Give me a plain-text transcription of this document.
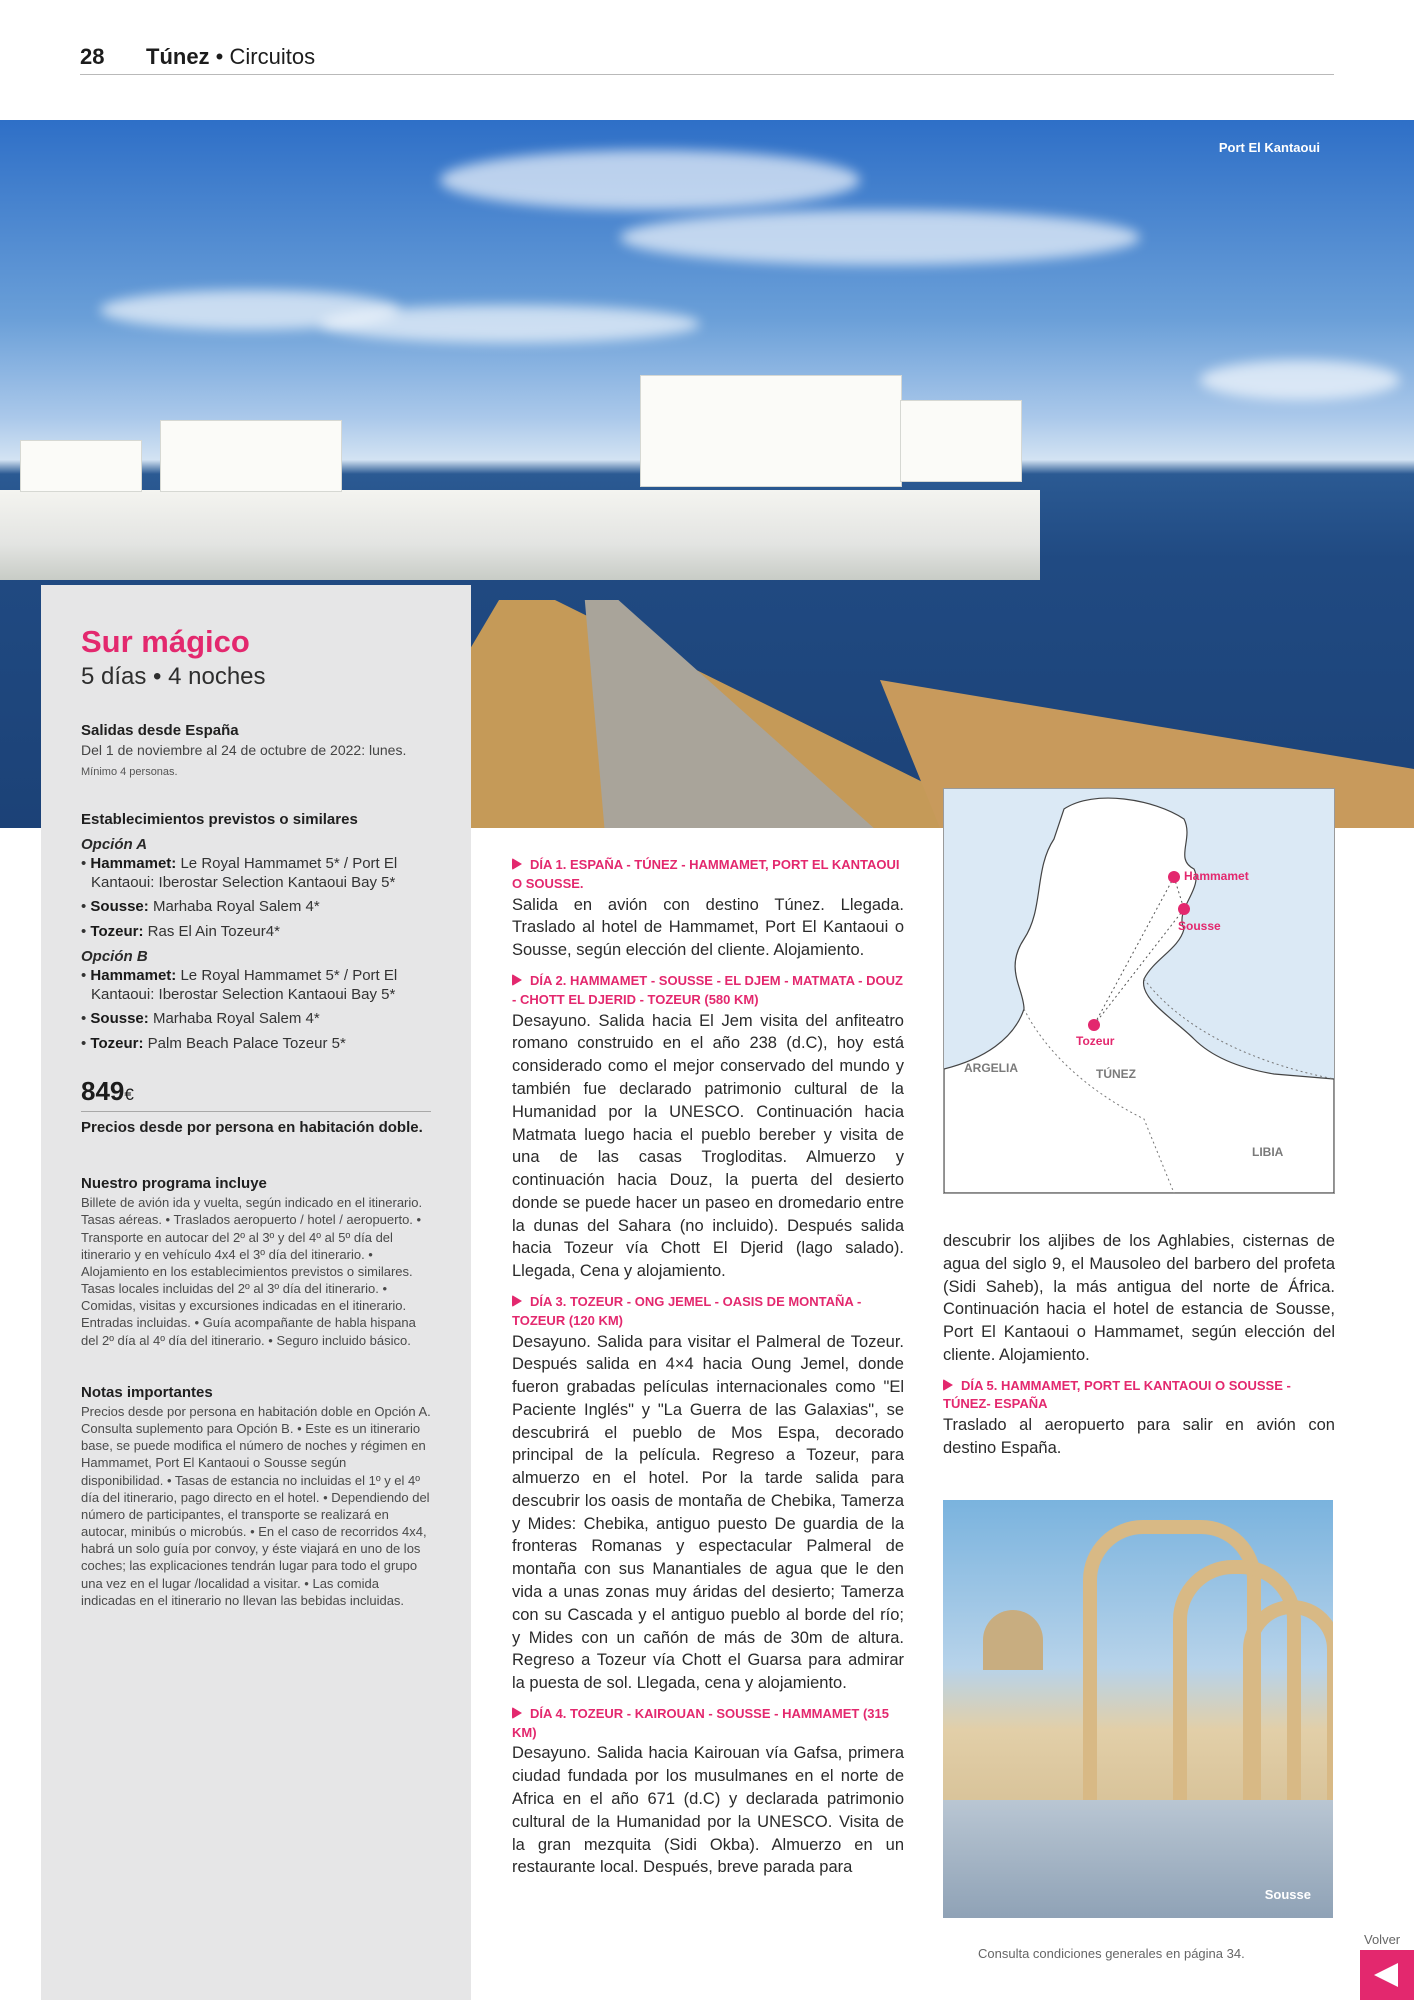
28 Túnez • Circuitos
Port El Kantaoui
Sur mágico
5 días • 4 noches
Salidas desde España
Del 1 de noviembre al 24 de octubre de 2022: lunes.
Mínimo 4 personas.
Establecimientos previstos o similares
Opción A
• Hammamet: Le Royal Hammamet 5* / Port El Kantaoui: Iberostar Selection Kantaoui Bay 5*
• Sousse: Marhaba Royal Salem 4*
• Tozeur: Ras El Ain Tozeur4*
Opción B
• Hammamet: Le Royal Hammamet 5* / Port El Kantaoui: Iberostar Selection Kantaoui Bay 5*
• Sousse: Marhaba Royal Salem 4*
• Tozeur: Palm Beach Palace Tozeur 5*
849€
Precios desde por persona en habitación doble.
Nuestro programa incluye
Billete de avión ida y vuelta, según indicado en el itinerario. Tasas aéreas. • Traslados aeropuerto / hotel / aeropuerto. • Transporte en autocar del 2º al 3º y del 4º al 5º día del itinerario y en vehículo 4x4 el 3º día del itinerario. • Alojamiento en los establecimientos previstos o similares. Tasas locales incluidas del 2º al 3º día del itinerario. • Comidas, visitas y excursiones indicadas en el itinerario. Entradas incluidas. • Guía acompañante de habla hispana del 2º día al 4º día del itinerario. • Seguro incluido básico.
Notas importantes
Precios desde por persona en habitación doble en Opción A. Consulta suplemento para Opción B. • Este es un itinerario base, se puede modifica el número de noches y régimen en Hammamet, Port El Kantaoui o Sousse según disponibilidad. • Tasas de estancia no incluidas el 1º y el 4º día del itinerario, pago directo en el hotel. • Dependiendo del número de participantes, el transporte se realizará en autocar, minibús o microbús. • En el caso de recorridos 4x4, habrá un solo guía por convoy, y éste viajará en uno de los coches; las explicaciones tendrán lugar para todo el grupo una vez en el lugar /localidad a visitar. • Las comida indicadas en el itinerario no llevan las bebidas incluidas.
DÍA 1. ESPAÑA - TÚNEZ - HAMMAMET, PORT EL KANTAOUI O SOUSSE.

Salida en avión con destino Túnez. Llegada. Traslado al hotel de Hammamet, Port El Kantaoui o Sousse, según elección del cliente. Alojamiento.

DÍA 2. HAMMAMET - SOUSSE - EL DJEM - MATMATA - DOUZ - CHOTT EL DJERID - TOZEUR (580 KM)

Desayuno. Salida hacia El Jem visita del anfiteatro romano construido en el año 238 (d.C), hoy está considerado como el mejor conservado del mundo y también fue declarado patrimonio cultural de la Humanidad por la UNESCO. Continuación hacia Matmata luego hacia el pueblo bereber y visita de una de las casas Trogloditas. Almuerzo y continuación hacia Douz, la puerta del desierto donde se puede hacer un paseo en dromedario entre la dunas del Sahara (no incluido). Después salida hacia Tozeur vía Chott El Djerid (lago salado). Llegada, Cena y alojamiento.

DÍA 3. TOZEUR - ONG JEMEL - OASIS DE MONTAÑA - TOZEUR (120 KM)

Desayuno. Salida para visitar el Palmeral de Tozeur. Después salida en 4×4 hacia Oung Jemel, donde fueron grabadas películas internacionales como "El Paciente Inglés" y "La Guerra de las Galaxias", se descubrirá el pueblo de Mos Espa, decorado principal de la película. Regreso a Tozeur, para almuerzo en el hotel. Por la tarde salida para descubrir los oasis de montaña de Chebika, Tamerza y Mides: Chebika, antiguo puesto De guardia de la fronteras Romanas y espectacular Palmeral de montaña con sus Manantiales de agua que le den vida a unas zonas muy áridas del desierto; Tamerza con su Cascada y el antiguo pueblo al borde del río; y Mides con un cañón de más de 30m de altura. Regreso a Tozeur vía Chott el Guarsa para admirar la puesta de sol. Llegada, cena y alojamiento.

DÍA 4. TOZEUR - KAIROUAN - SOUSSE - HAMMAMET (315 KM)

Desayuno. Salida hacia Kairouan vía Gafsa, primera ciudad fundada por los musulmanes en el norte de Africa en el año 671 (d.C) y declarada patrimonio cultural de la Humanidad por la UNESCO. Visita de la gran mezquita (Sidi Okba). Almuerzo en un restaurante local. Después, breve parada para

Hammamet
Sousse
Tozeur
ARGELIA	TÚNEZ
LIBIA

descubrir los aljibes de los Aghlabies, cisternas de agua del siglo 9, el Mausoleo del barbero del profeta (Sidi Saheb), la más antigua del norte de África. Continuación hacia el hotel de estancia de Sousse, Port El Kantaoui o Hammamet, según elección del cliente. Alojamiento.

DÍA 5. HAMMAMET, PORT EL KANTAOUI O SOUSSE - TÚNEZ- ESPAÑA

Traslado al aeropuerto para salir en avión con destino España.

Sousse
Consulta condiciones generales en página 34.
Volver
